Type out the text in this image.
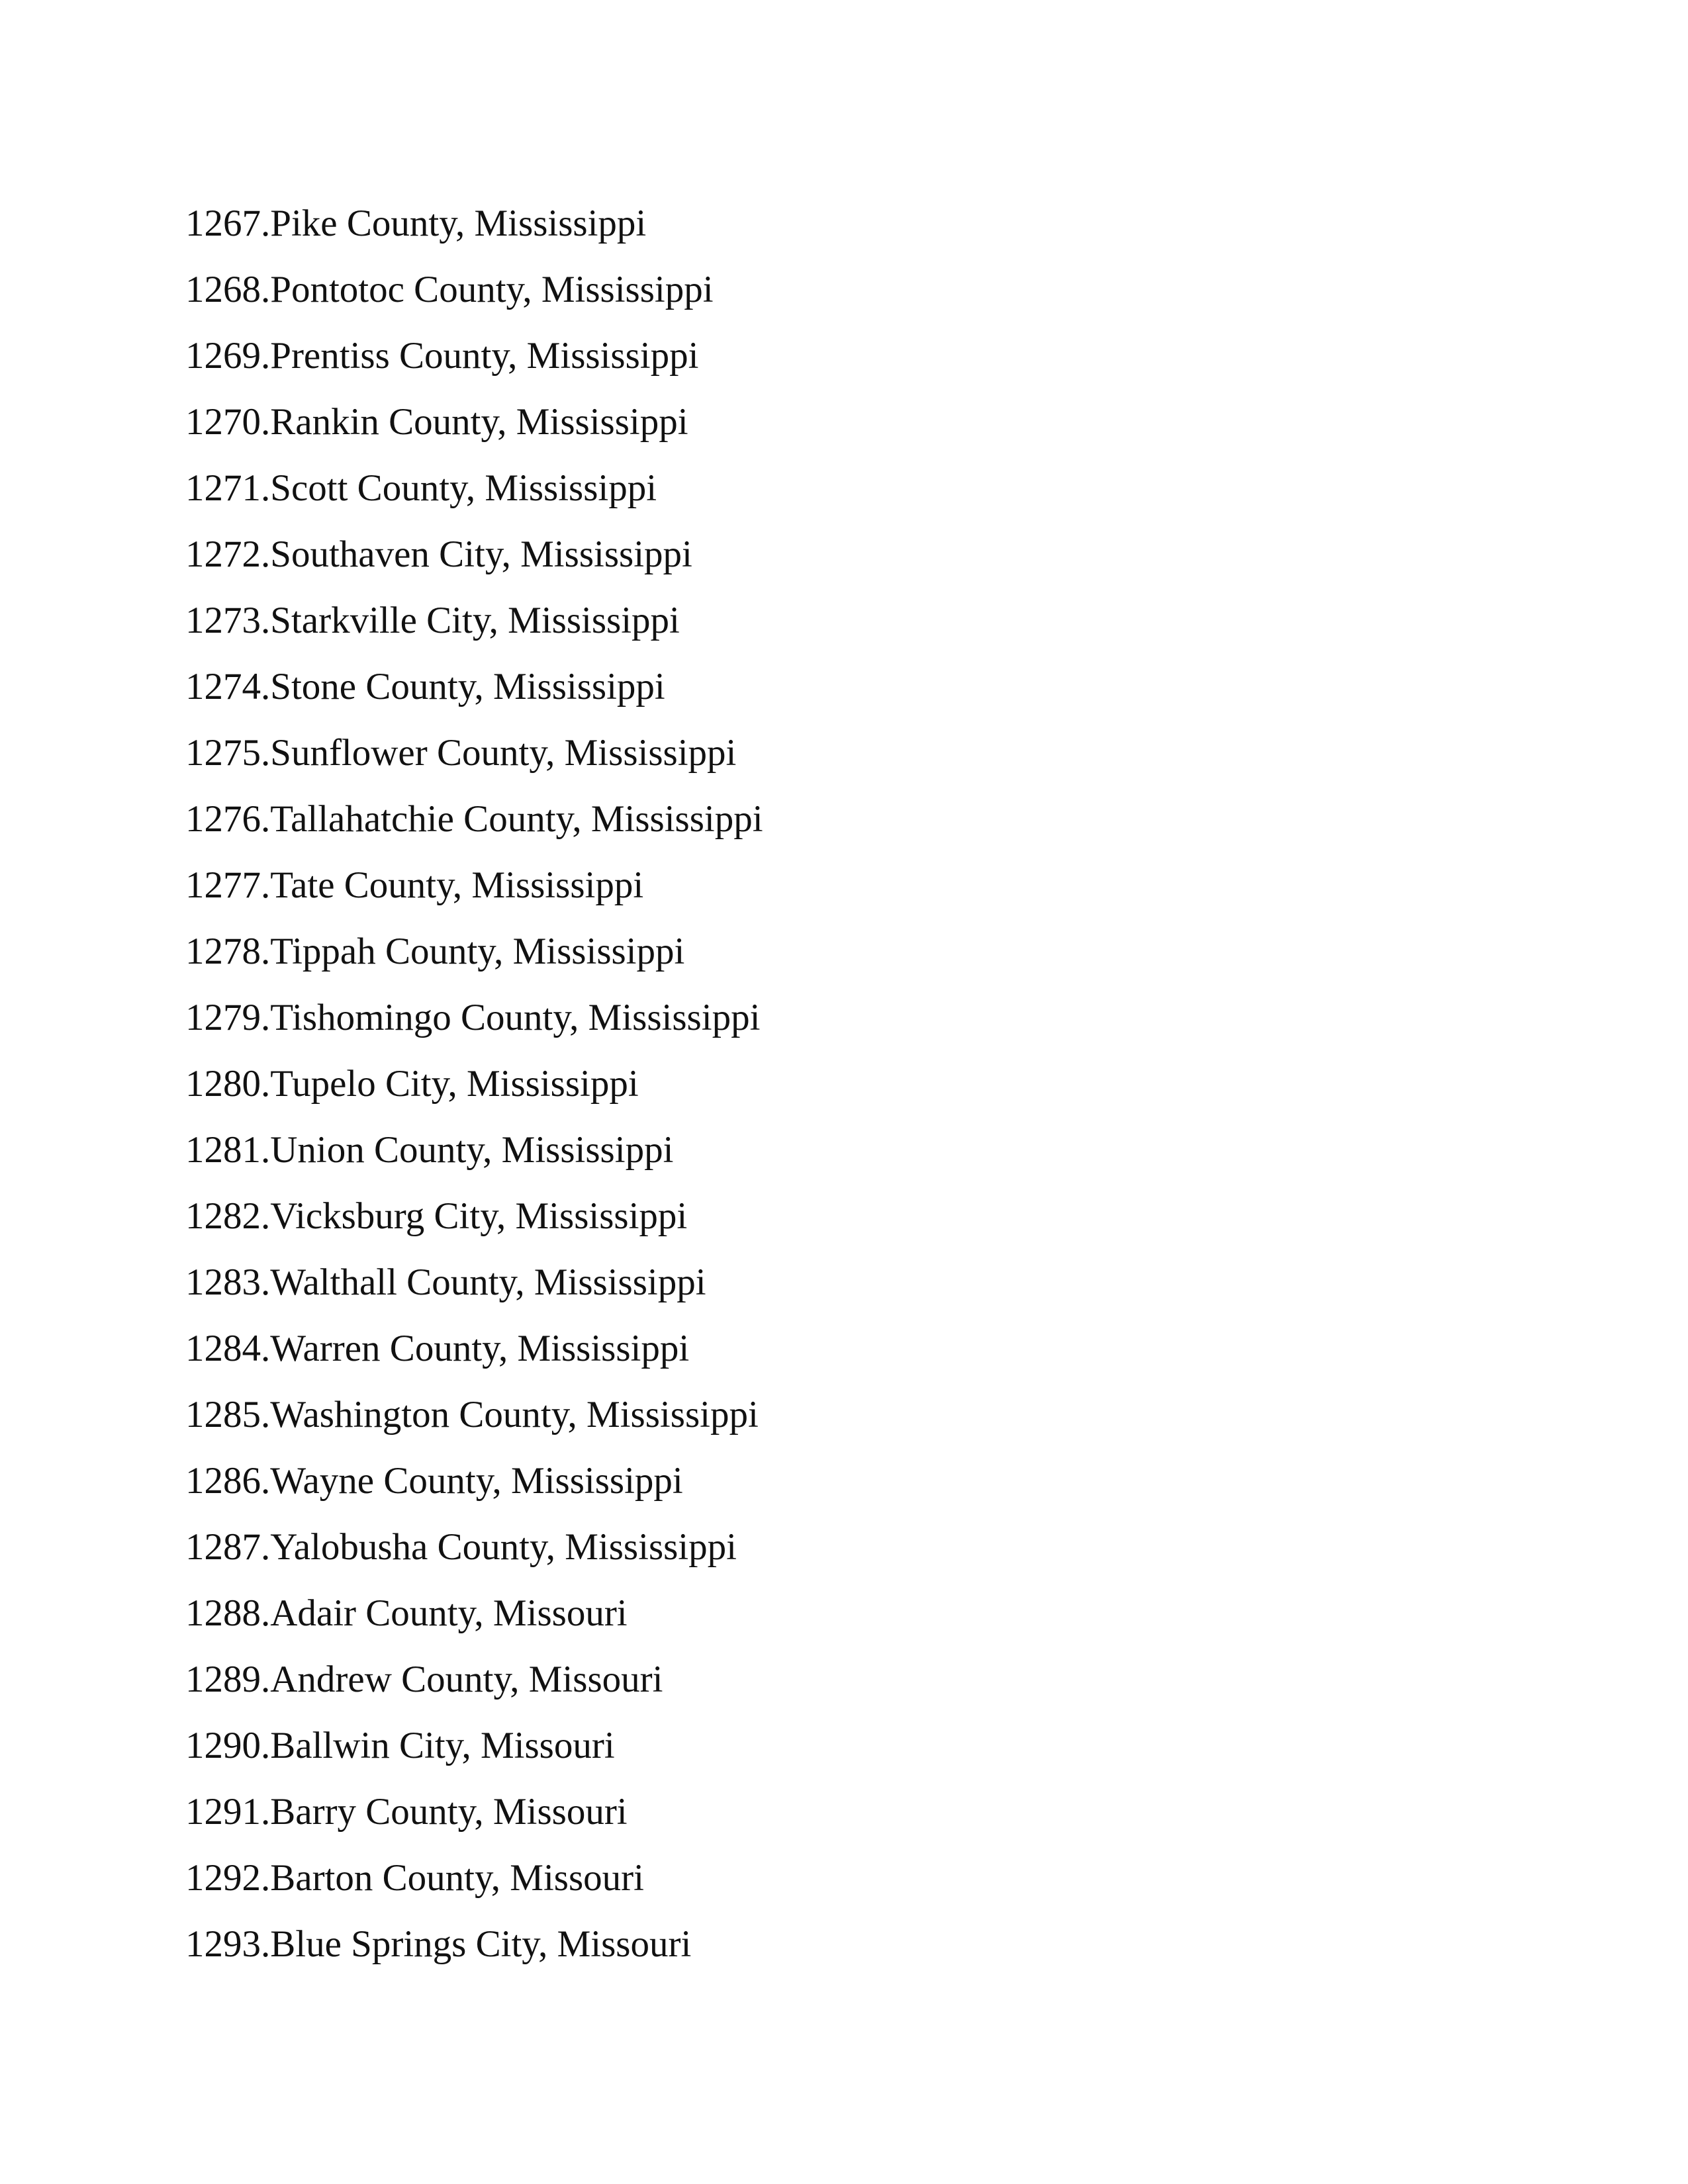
1267.Pike County, Mississippi
1268.Pontotoc County, Mississippi
1269.Prentiss County, Mississippi
1270.Rankin County, Mississippi
1271.Scott County, Mississippi
1272.Southaven City, Mississippi
1273.Starkville City, Mississippi
1274.Stone County, Mississippi
1275.Sunflower County, Mississippi
1276.Tallahatchie County, Mississippi
1277.Tate County, Mississippi
1278.Tippah County, Mississippi
1279.Tishomingo County, Mississippi
1280.Tupelo City, Mississippi
1281.Union County, Mississippi
1282.Vicksburg City, Mississippi
1283.Walthall County, Mississippi
1284.Warren County, Mississippi
1285.Washington County, Mississippi
1286.Wayne County, Mississippi
1287.Yalobusha County, Mississippi
1288.Adair County, Missouri
1289.Andrew County, Missouri
1290.Ballwin City, Missouri
1291.Barry County, Missouri
1292.Barton County, Missouri
1293.Blue Springs City, Missouri
